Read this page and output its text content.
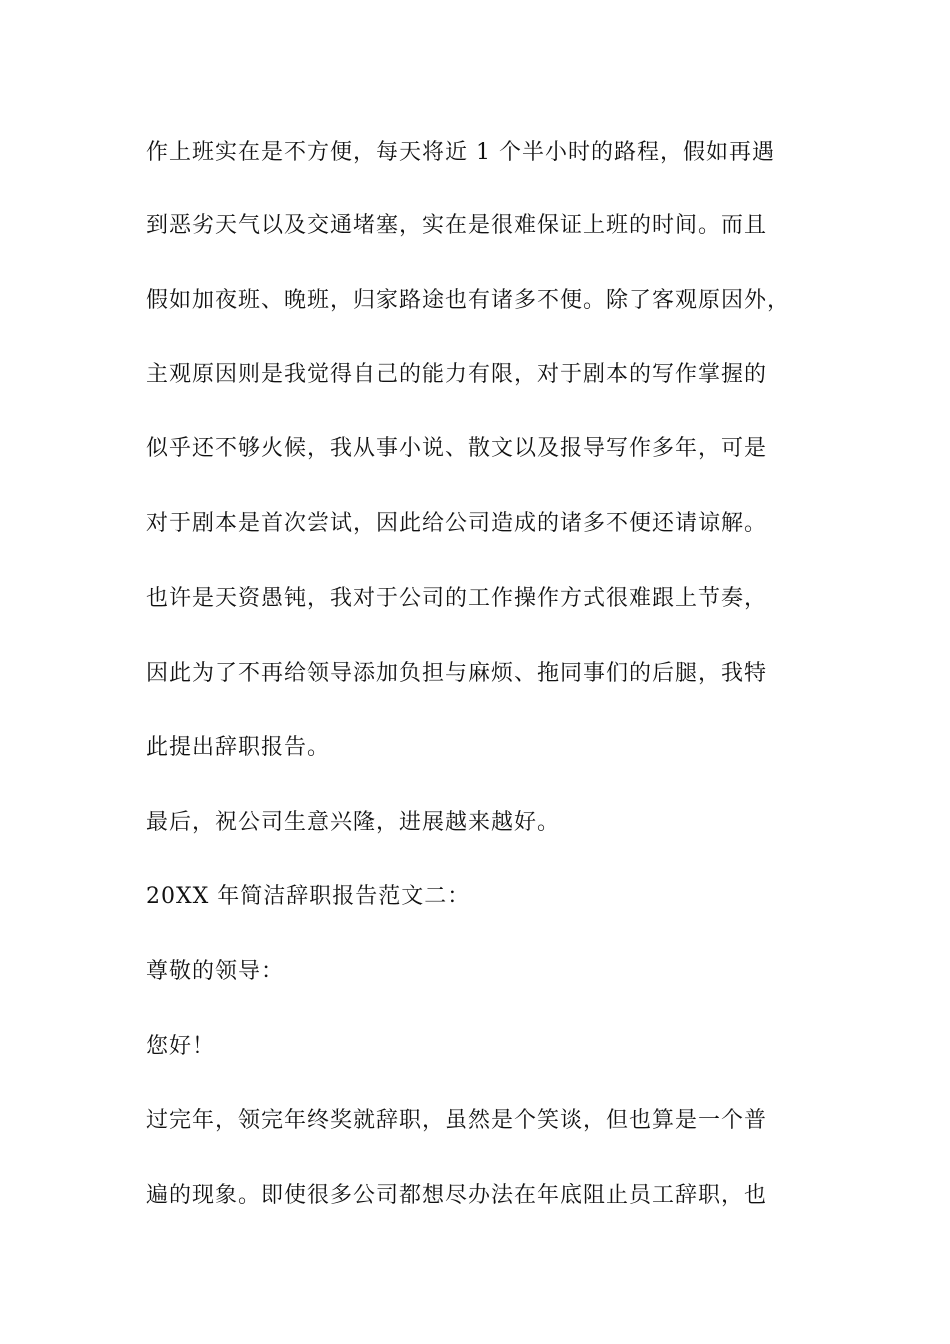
作上班实在是不方便，每天将近 1 个半小时的路程，假如再遇
到恶劣天气以及交通堵塞，实在是很难保证上班的时间。而且
假如加夜班、晚班，归家路途也有诸多不便。除了客观原因外，
主观原因则是我觉得自己的能力有限，对于剧本的写作掌握的
似乎还不够火候，我从事小说、散文以及报导写作多年，可是
对于剧本是首次尝试，因此给公司造成的诸多不便还请谅解。
也许是天资愚钝，我对于公司的工作操作方式很难跟上节奏，
因此为了不再给领导添加负担与麻烦、拖同事们的后腿，我特
此提出辞职报告。
最后，祝公司生意兴隆，进展越来越好。
20XX 年简洁辞职报告范文二：
尊敬的领导：
您好！
过完年，领完年终奖就辞职，虽然是个笑谈，但也算是一个普
遍的现象。即使很多公司都想尽办法在年底阻止员工辞职，也
